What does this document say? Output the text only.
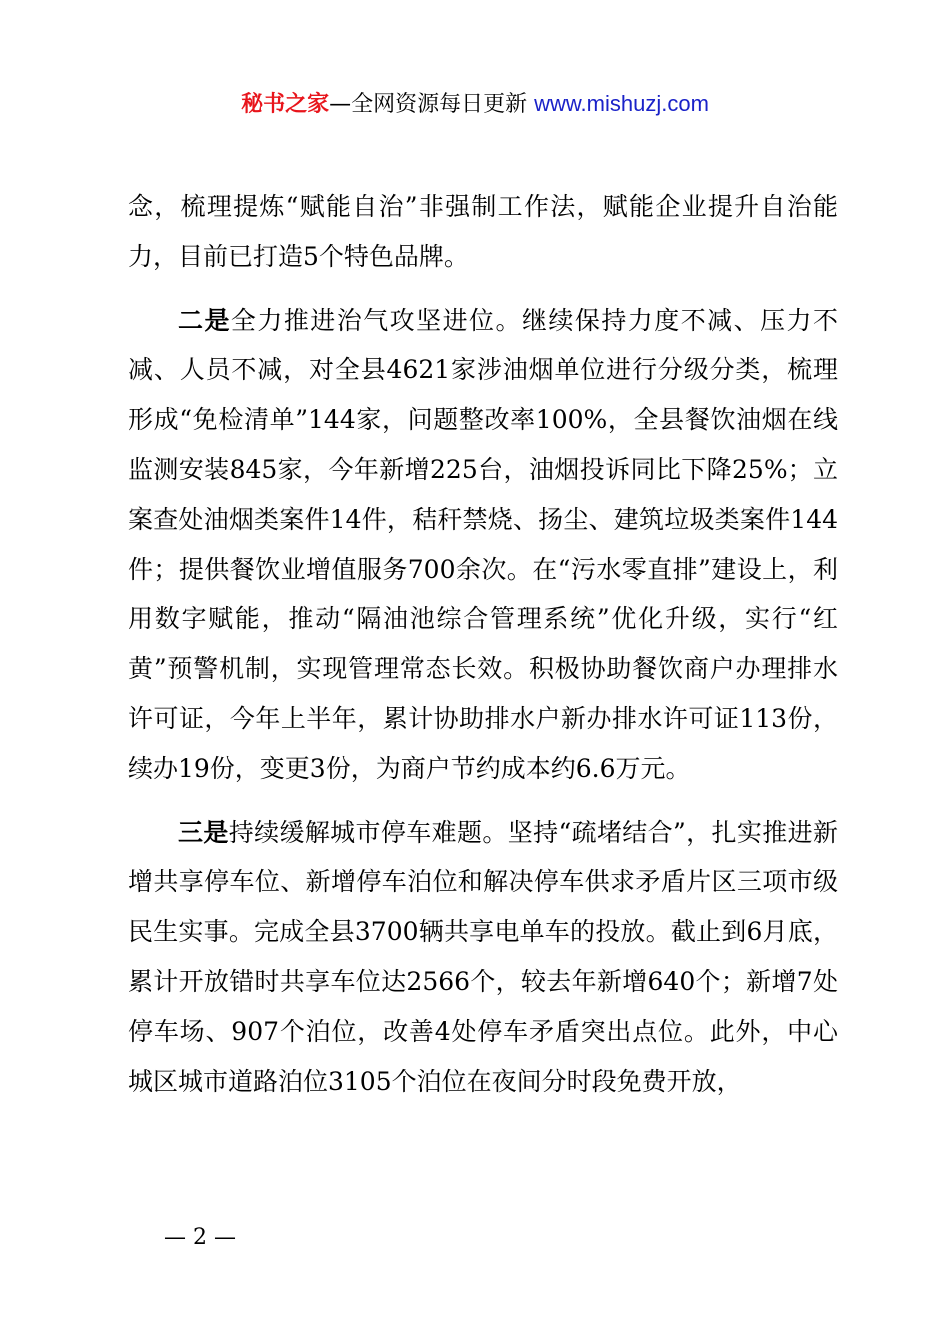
秘书之家—全网资源每日更新 www.mishuzj.com

念，梳理提炼“赋能自治”非强制工作法，赋能企业提升自治能力，目前已打造5个特色品牌。

二是全力推进治气攻坚进位。继续保持力度不减、压力不减、人员不减，对全县4621家涉油烟单位进行分级分类，梳理形成“免检清单”144家，问题整改率100%，全县餐饮油烟在线监测安装845家，今年新增225台，油烟投诉同比下降25%；立案查处油烟类案件14件，秸秆禁烧、扬尘、建筑垃圾类案件144件；提供餐饮业增值服务700余次。在“污水零直排”建设上，利用数字赋能，推动“隔油池综合管理系统”优化升级，实行“红黄”预警机制，实现管理常态长效。积极协助餐饮商户办理排水许可证，今年上半年，累计协助排水户新办排水许可证113份，续办19份，变更3份，为商户节约成本约6.6万元。

三是持续缓解城市停车难题。坚持“疏堵结合”，扎实推进新增共享停车位、新增停车泊位和解决停车供求矛盾片区三项市级民生实事。完成全县3700辆共享电单车的投放。截止到6月底，累计开放错时共享车位达2566个，较去年新增640个；新增7处停车场、907个泊位，改善4处停车矛盾突出点位。此外，中心城区城市道路泊位3105个泊位在夜间分时段免费开放，

— 2 —
